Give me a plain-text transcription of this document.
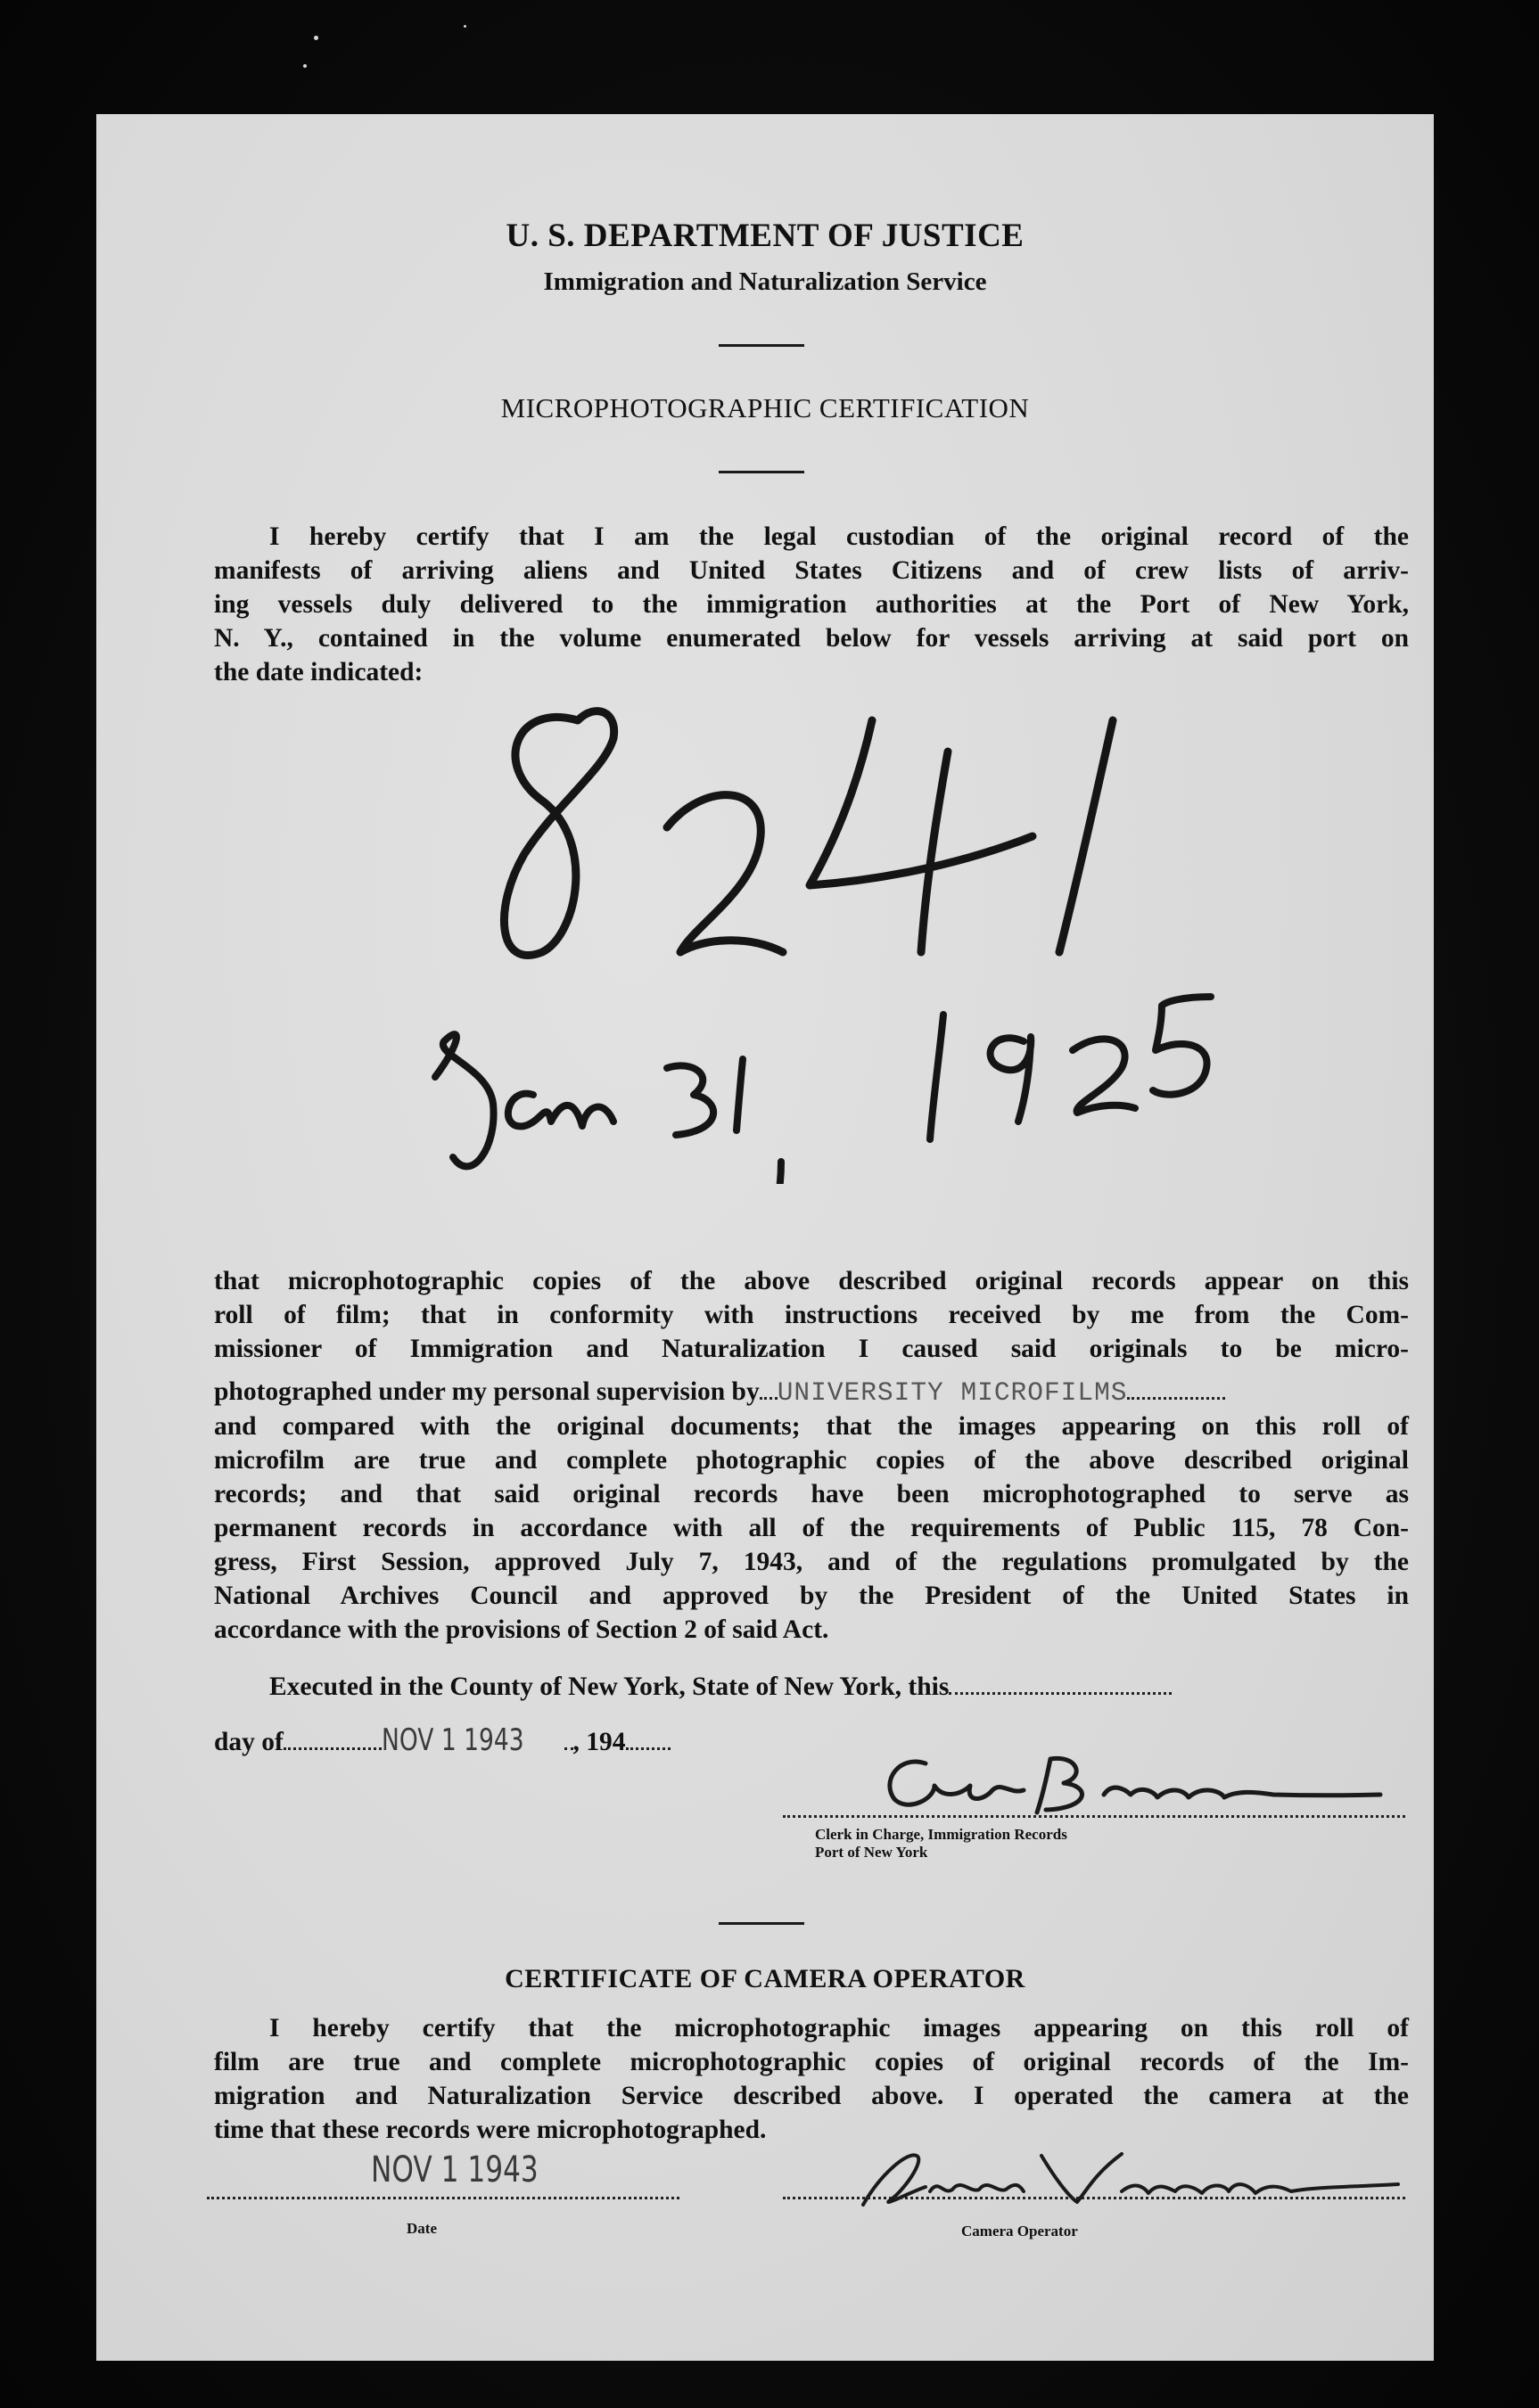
U. S. DEPARTMENT OF JUSTICE
Immigration and Naturalization Service
MICROPHOTOGRAPHIC CERTIFICATION
I hereby certify that I am the legal custodian of the original record of the
manifests of arriving aliens and United States Citizens and of crew lists of arriv-
ing vessels duly delivered to the immigration authorities at the Port of New York,
N. Y., contained in the volume enumerated below for vessels arriving at said port on
the date indicated:
that microphotographic copies of the above described original records appear on this
roll of film; that in conformity with instructions received by me from the Com-
missioner of Immigration and Naturalization I caused said originals to be micro-
photographed under my personal supervision by UNIVERSITY MICROFILMS
and compared with the original documents; that the images appearing on this roll of
microfilm are true and complete photographic copies of the above described original
records; and that said original records have been microphotographed to serve as
permanent records in accordance with all of the requirements of Public 115, 78 Con-
gress, First Session, approved July 7, 1943, and of the regulations promulgated by the
National Archives Council and approved by the President of the United States in
accordance with the provisions of Section 2 of said Act.
Executed in the County of New York, State of New York, this
day of	NOV 1 1943 , 194
Clerk in Charge, Immigration Records
Port of New York
CERTIFICATE OF CAMERA OPERATOR
I hereby certify that the microphotographic images appearing on this roll of
film are true and complete microphotographic copies of original records of the Im-
migration and Naturalization Service described above. I operated the camera at the
time that these records were microphotographed.
NOV 1 1943
Date	Camera Operator
